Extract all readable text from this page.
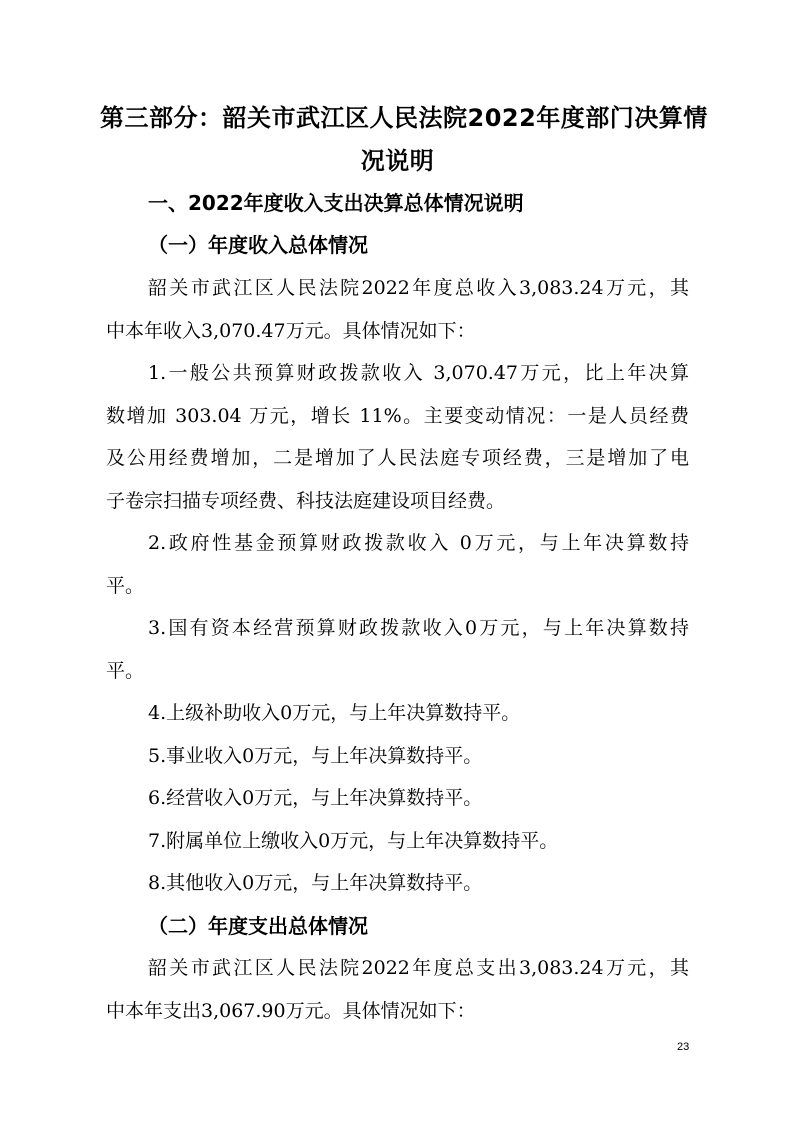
第三部分：韶关市武江区人民法院2022年度部门决算情
况说明
一、2022年度收入支出决算总体情况说明
（一）年度收入总体情况
韶关市武江区人民法院2022年度总收入3,083.24万元，其
中本年收入3,070.47万元。具体情况如下：
1.一般公共预算财政拨款收入 3,070.47万元，比上年决算
数增加 303.04 万元，增长 11%。主要变动情况：一是人员经费
及公用经费增加，二是增加了人民法庭专项经费，三是增加了电
子卷宗扫描专项经费、科技法庭建设项目经费。
2.政府性基金预算财政拨款收入 0万元，与上年决算数持
平。
3.国有资本经营预算财政拨款收入0万元，与上年决算数持
平。
4.上级补助收入0万元，与上年决算数持平。
5.事业收入0万元，与上年决算数持平。
6.经营收入0万元，与上年决算数持平。
7.附属单位上缴收入0万元，与上年决算数持平。
8.其他收入0万元，与上年决算数持平。
（二）年度支出总体情况
韶关市武江区人民法院2022年度总支出3,083.24万元，其
中本年支出3,067.90万元。具体情况如下：
23
